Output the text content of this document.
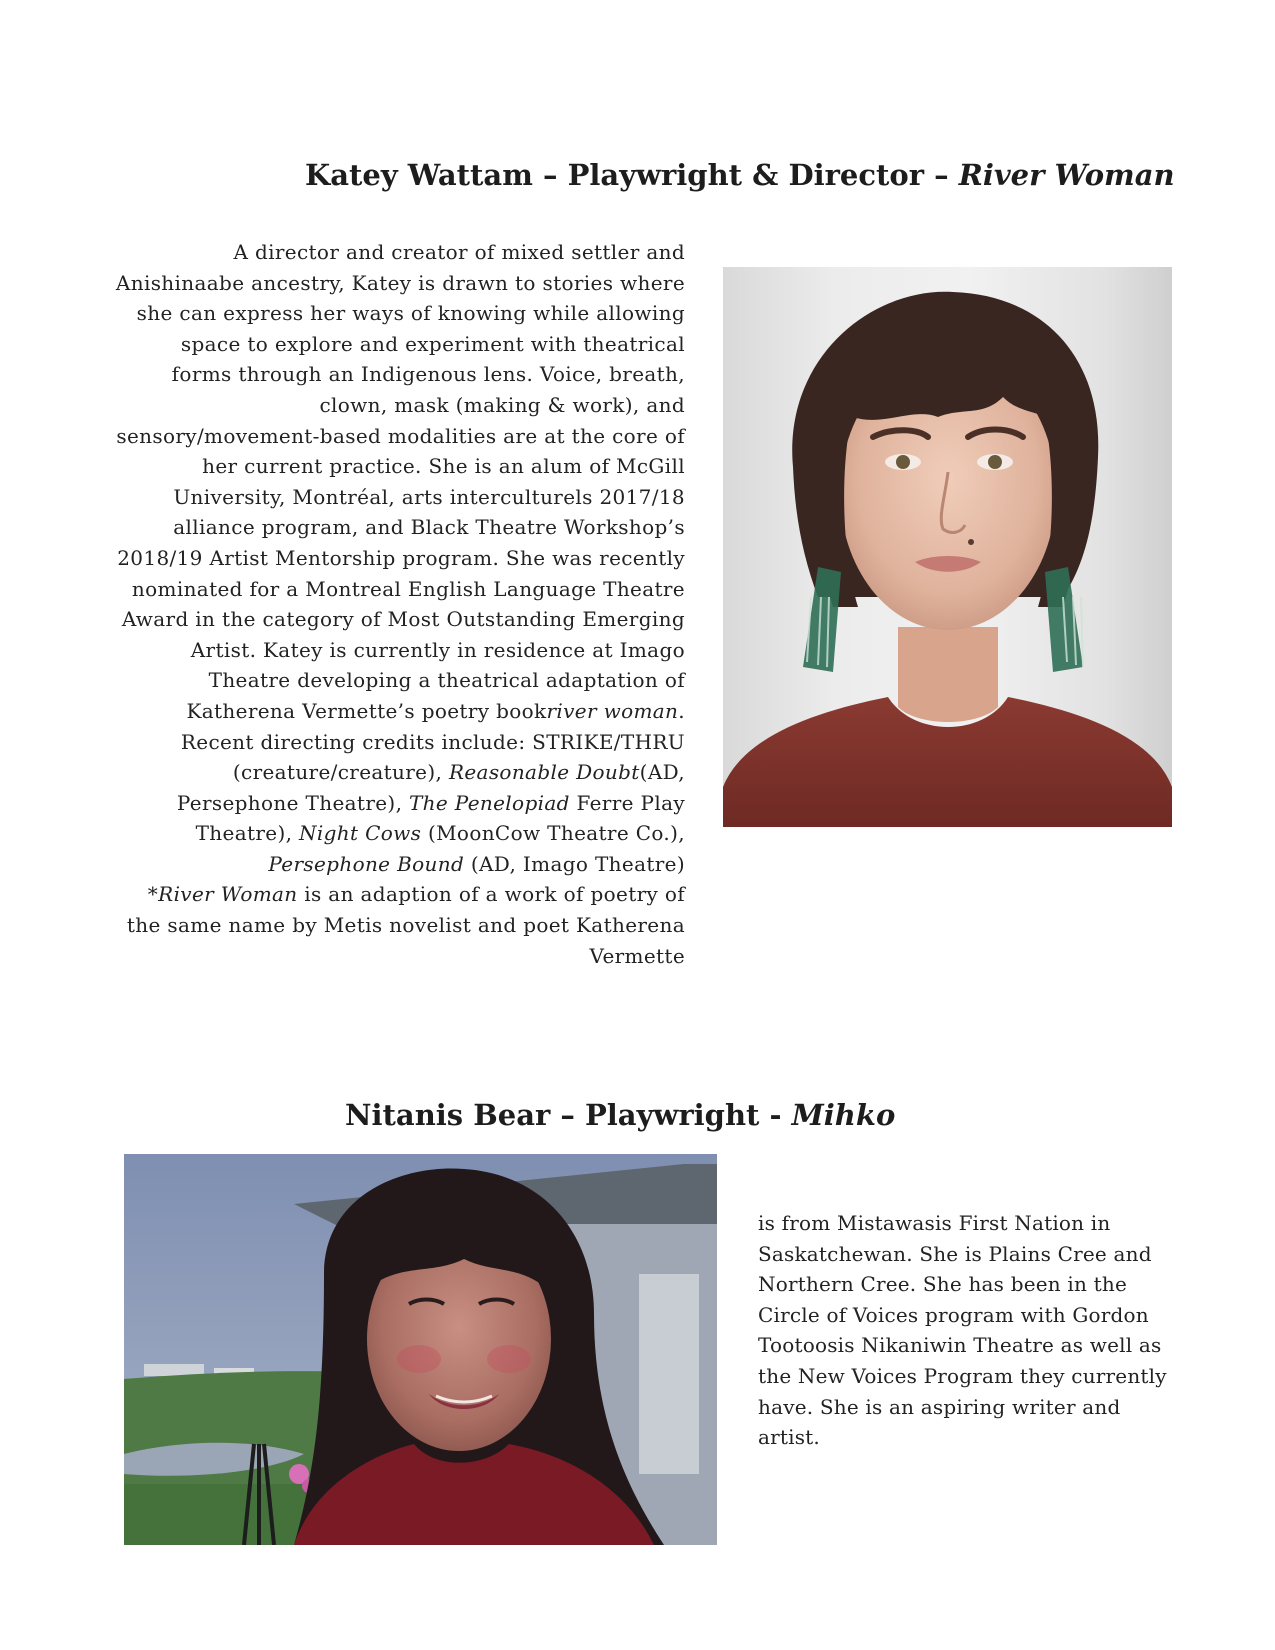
Katey Wattam – Playwright & Director – River Woman
A director and creator of mixed settler and Anishinaabe ancestry, Katey is drawn to stories where she can express her ways of knowing while allowing space to explore and experiment with theatrical forms through an Indigenous lens. Voice, breath, clown, mask (making & work), and sensory/movement-based modalities are at the core of her current practice. She is an alum of McGill University, Montréal, arts interculturels 2017/18 alliance program, and Black Theatre Workshop’s 2018/19 Artist Mentorship program. She was recently nominated for a Montreal English Language Theatre Award in the category of Most Outstanding Emerging Artist. Katey is currently in residence at Imago Theatre developing a theatrical adaptation of Katherena Vermette’s poetry bookriver woman. Recent directing credits include: STRIKE/THRU (creature/creature), Reasonable Doubt(AD, Persephone Theatre), The Penelopiad Ferre Play Theatre), Night Cows (MoonCow Theatre Co.), Persephone Bound (AD, Imago Theatre)
*River Woman is an adaption of a work of poetry of the same name by Metis novelist and poet Katherena Vermette
Nitanis Bear – Playwright - Mihko
is from Mistawasis First Nation in Saskatchewan. She is Plains Cree and Northern Cree. She has been in the Circle of Voices program with Gordon Tootoosis Nikaniwin Theatre as well as the New Voices Program they currently have. She is an aspiring writer and artist.
